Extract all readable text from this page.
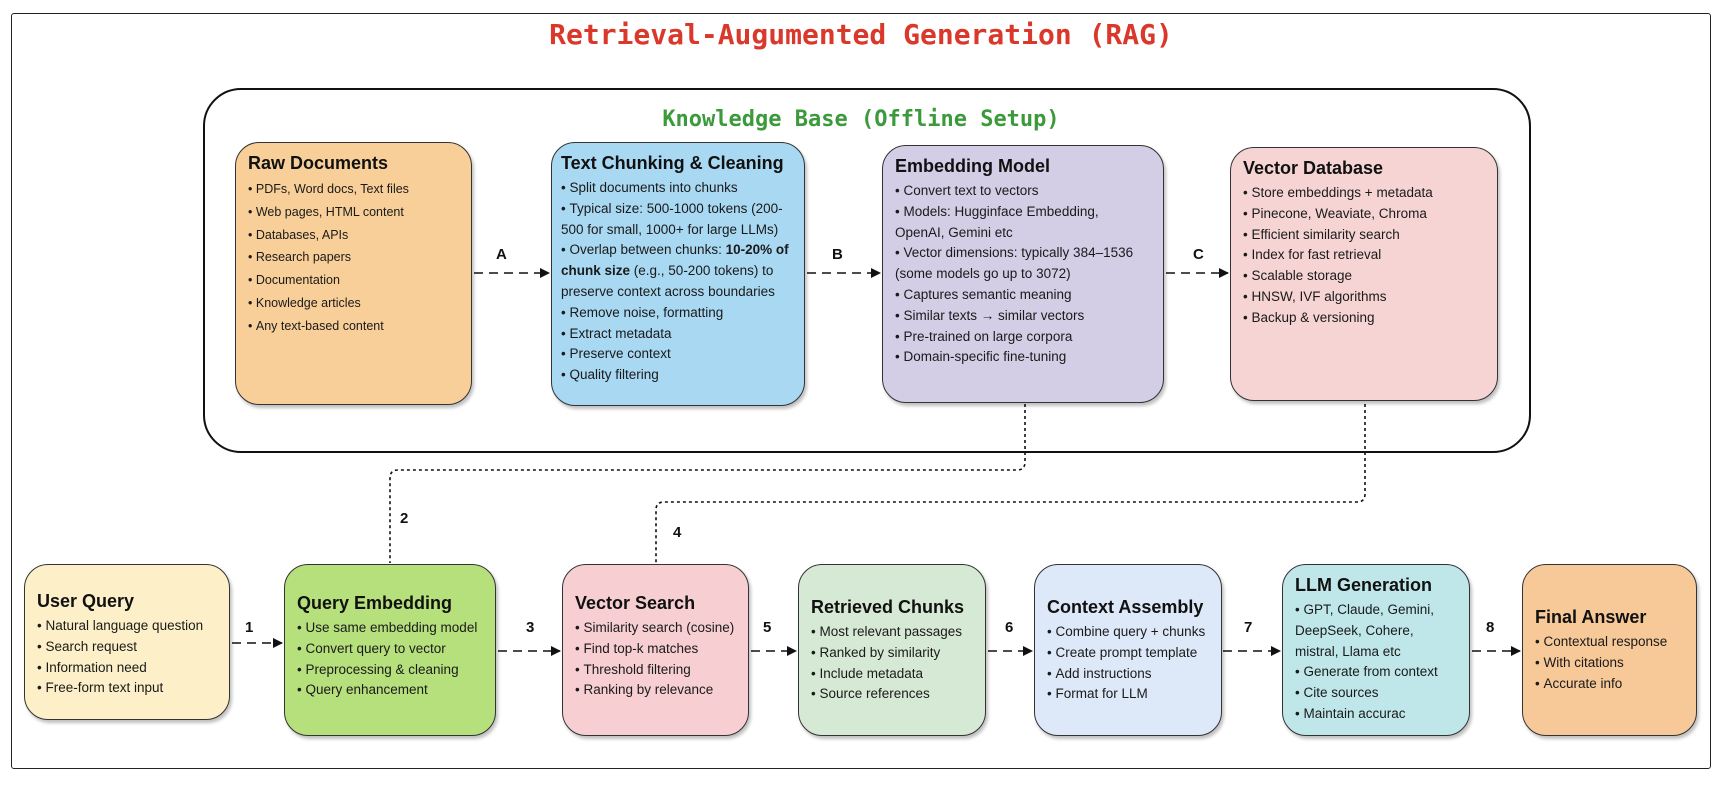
Retrieval-Augumented Generation (RAG)
Knowledge Base (Offline Setup)
A	B	C
1
2
3
4
5	6	7	8
Raw Documents
• PDFs, Word docs, Text files
• Web pages, HTML content
• Databases, APIs
• Research papers
• Documentation
• Knowledge articles
• Any text-based content
Text Chunking & Cleaning
• Split documents into chunks
• Typical size: 500-1000 tokens (200-500 for small, 1000+ for large LLMs)
• Overlap between chunks: 10-20% of chunk size (e.g., 50-200 tokens) to preserve context across boundaries
• Remove noise, formatting
• Extract metadata
• Preserve context
• Quality filtering
Embedding Model
• Convert text to vectors
• Models: Hugginface Embedding, OpenAI, Gemini etc
• Vector dimensions: typically 384–1536 (some models go up to 3072)
• Captures semantic meaning
• Similar texts → similar vectors
• Pre-trained on large corpora
• Domain-specific fine-tuning
Vector Database
• Store embeddings + metadata
• Pinecone, Weaviate, Chroma
• Efficient similarity search
• Index for fast retrieval
• Scalable storage
• HNSW, IVF algorithms
• Backup & versioning
User Query
• Natural language question
• Search request
• Information need
• Free-form text input
Query Embedding
• Use same embedding model
• Convert query to vector
• Preprocessing & cleaning
• Query enhancement
Vector Search
• Similarity search (cosine)
• Find top-k matches
• Threshold filtering
• Ranking by relevance
Retrieved Chunks
• Most relevant passages
• Ranked by similarity
• Include metadata
• Source references
Context Assembly
• Combine query + chunks
• Create prompt template
• Add instructions
• Format for LLM
LLM Generation
• GPT, Claude, Gemini, DeepSeek, Cohere, mistral, Llama etc
• Generate from context
• Cite sources
• Maintain accurac
Final Answer
• Contextual response
• With citations
• Accurate info
